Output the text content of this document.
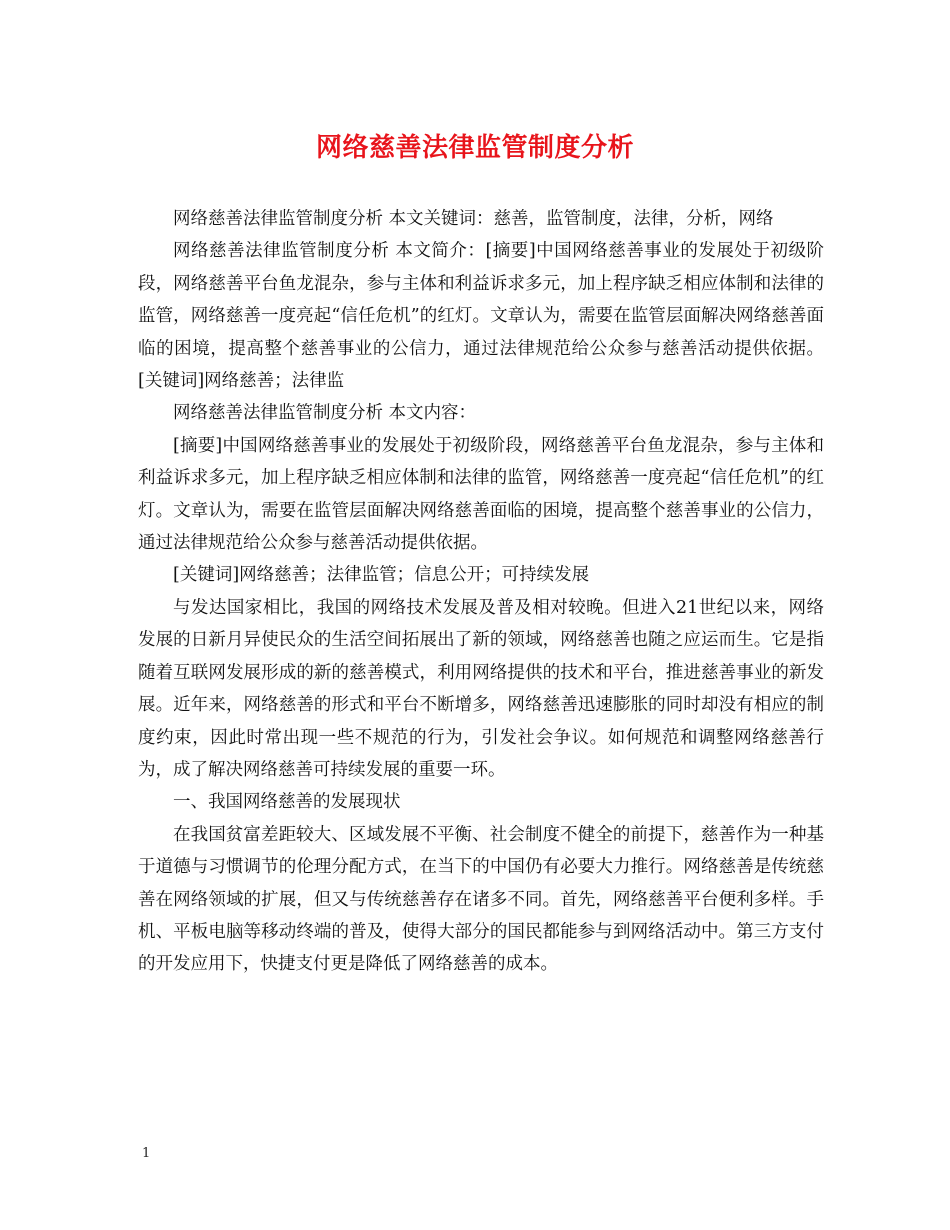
网络慈善法律监管制度分析

网络慈善法律监管制度分析 本文关键词：慈善，监管制度，法律，分析，网络

网络慈善法律监管制度分析 本文简介：[摘要]中国网络慈善事业的发展处于初级阶段，网络慈善平台鱼龙混杂，参与主体和利益诉求多元，加上程序缺乏相应体制和法律的监管，网络慈善一度亮起“信任危机”的红灯。文章认为，需要在监管层面解决网络慈善面临的困境，提高整个慈善事业的公信力，通过法律规范给公众参与慈善活动提供依据。[关键词]网络慈善；法律监

网络慈善法律监管制度分析 本文内容：

[摘要]中国网络慈善事业的发展处于初级阶段，网络慈善平台鱼龙混杂，参与主体和利益诉求多元，加上程序缺乏相应体制和法律的监管，网络慈善一度亮起“信任危机”的红灯。文章认为，需要在监管层面解决网络慈善面临的困境，提高整个慈善事业的公信力，通过法律规范给公众参与慈善活动提供依据。

[关键词]网络慈善；法律监管；信息公开；可持续发展

与发达国家相比，我国的网络技术发展及普及相对较晚。但进入21世纪以来，网络发展的日新月异使民众的生活空间拓展出了新的领域，网络慈善也随之应运而生。它是指随着互联网发展形成的新的慈善模式，利用网络提供的技术和平台，推进慈善事业的新发展。近年来，网络慈善的形式和平台不断增多，网络慈善迅速膨胀的同时却没有相应的制度约束，因此时常出现一些不规范的行为，引发社会争议。如何规范和调整网络慈善行为，成了解决网络慈善可持续发展的重要一环。

一、我国网络慈善的发展现状

在我国贫富差距较大、区域发展不平衡、社会制度不健全的前提下，慈善作为一种基于道德与习惯调节的伦理分配方式，在当下的中国仍有必要大力推行。网络慈善是传统慈善在网络领域的扩展，但又与传统慈善存在诸多不同。首先，网络慈善平台便利多样。手机、平板电脑等移动终端的普及，使得大部分的国民都能参与到网络活动中。第三方支付的开发应用下，快捷支付更是降低了网络慈善的成本。

1
